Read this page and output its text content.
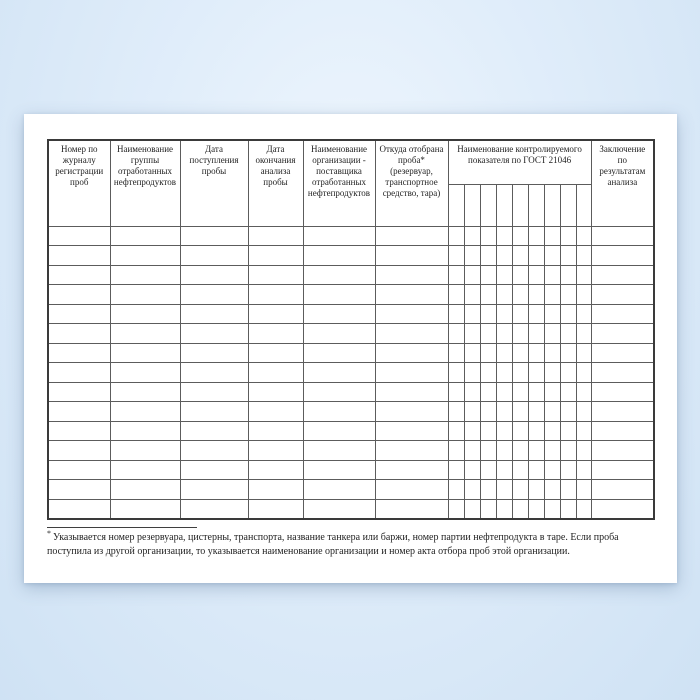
Номер по журналу регистрации проб	Наименование группы отработанных нефтепродуктов	Дата поступления пробы	Дата окончания анализа пробы	Наименование организации - поставщика отработанных нефтепродуктов	Откуда отобрана проба* (резервуар, транспортное средство, тара)	Наименование контролируемого показателя по ГОСТ 21046									Заключение по результатам анализа

* Указывается номер резервуара, цистерны, транспорта, название танкера или баржи, номер партии нефтепродукта в таре. Если проба поступила из другой организации, то указывается наименование организации и номер акта отбора проб этой организации.
